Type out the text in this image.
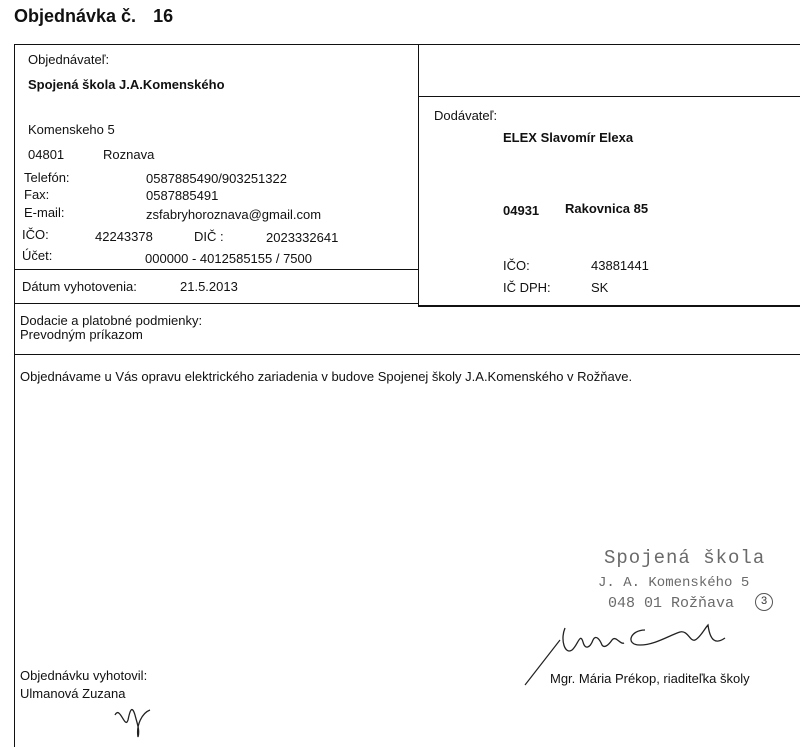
Objednávka č. 16
Objednávateľ:
Spojená škola J.A.Komenského
Komenskeho 5
04801	Roznava
Telefón:	0587885490/903251322
Fax:	0587885491
E-mail:	zsfabryhoroznava@gmail.com
IČO:	42243378	DIČ :	2023332641
Účet:	000000 - 4012585155 / 7500
Dátum vyhotovenia:	21.5.2013
Dodávateľ:
ELEX Slavomír Elexa
04931 Rakovnica 85
IČO:	43881441
IČ DPH:	SK
Dodacie a platobné podmienky:
Prevodným príkazom
Objednávame u Vás opravu elektrického zariadenia v budove Spojenej školy J.A.Komenského v Rožňave.
Spojená škola
J. A. Komenského 5
048 01 Rožňava	3
Mgr. Mária Prékop, riaditeľka školy
Objednávku vyhotovil:
Ulmanová Zuzana
